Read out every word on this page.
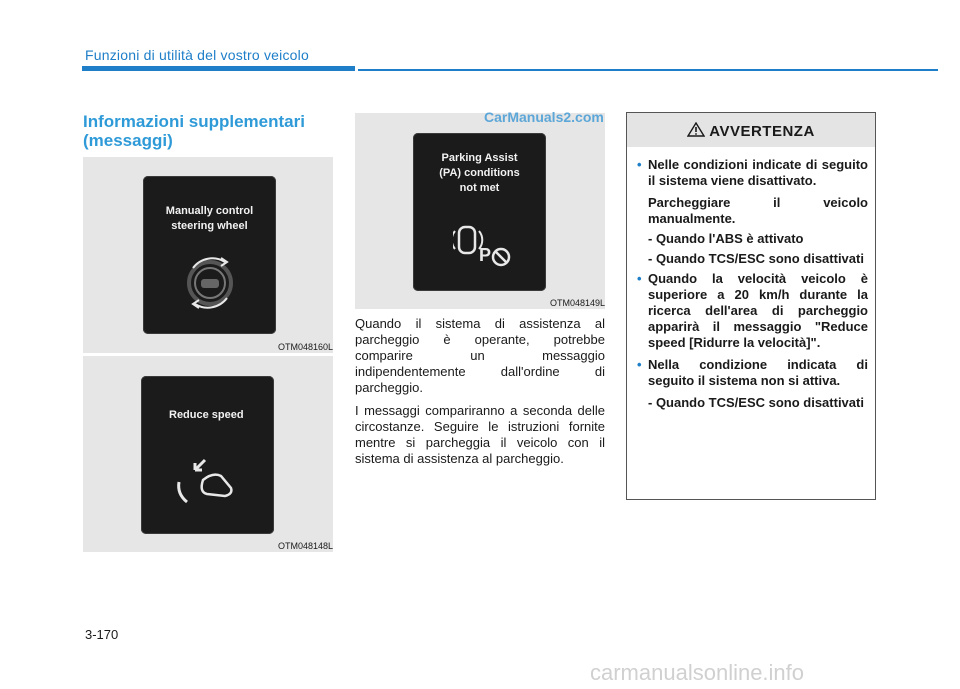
Funzioni di utilità del vostro veicolo
Informazioni supplementari
(messaggi)
Manually control
steering wheel
OTM048160L
Reduce speed
OTM048148L
Parking Assist
(PA) conditions
not met
P
OTM048149L
CarManuals2.com
Quando il sistema di assistenza al parcheggio è operante, potrebbe comparire un messaggio indipendentemente dall'ordine di parcheggio.
I messaggi compariranno a seconda delle circostanze. Seguire le istruzioni fornite mentre si parcheggia il veicolo con il sistema di assistenza al parcheggio.
AVVERTENZA
• Nelle condizioni indicate di seguito il sistema viene disattivato.
Parcheggiare il veicolo manualmente.
- Quando l'ABS è attivato
- Quando TCS/ESC sono disattivati
• Quando la velocità veicolo è superiore a 20 km/h durante la ricerca dell'area di parcheggio apparirà il messaggio "Reduce speed [Ridurre la velocità]".
• Nella condizione indicata di seguito il sistema non si attiva.
- Quando TCS/ESC sono disattivati
3-170
carmanualsonline.info
